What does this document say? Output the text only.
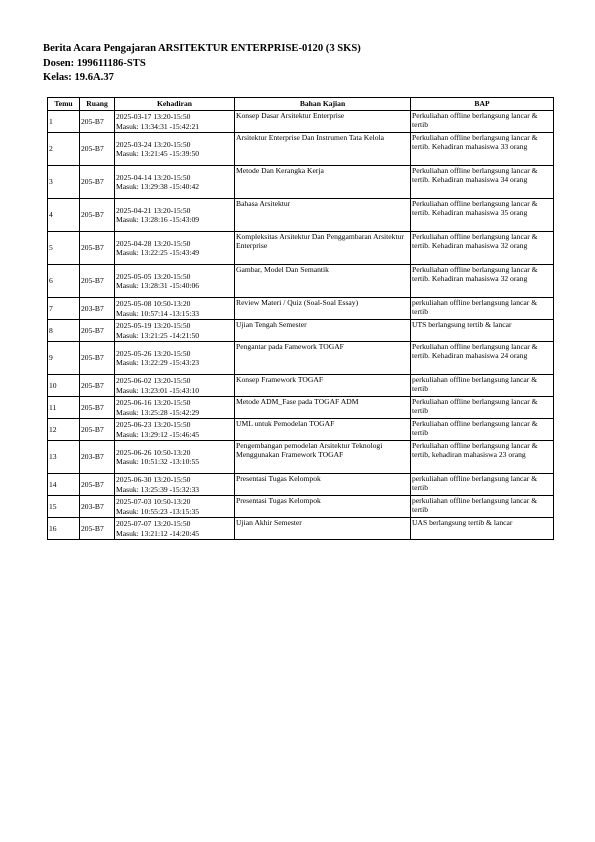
Berita Acara Pengajaran ARSITEKTUR ENTERPRISE-0120 (3 SKS)
Dosen: 199611186-STS
Kelas: 19.6A.37
Temu	Ruang	Kehadiran	Bahan Kajian	BAP
1	205-B7	2025-03-17 13:20-15:50
Masuk: 13:34:31 -15:42:21	Konsep Dasar Arsitektur Enterprise	Perkuliahan offline berlangsung lancar & tertib
2	205-B7	2025-03-24 13:20-15:50
Masuk: 13:21:45 -15:39:50	Arsitektur Enterprise Dan Instrumen Tata Kelola	Perkuliahan offline berlangsung lancar & tertib. Kehadiran mahasiswa 33 orang
3	205-B7	2025-04-14 13:20-15:50
Masuk: 13:29:38 -15:40:42	Metode Dan Kerangka Kerja	Perkuliahan offline berlangsung lancar & tertib. Kehadiran mahasiswa 34 orang
4	205-B7	2025-04-21 13:20-15:50
Masuk: 13:28:16 -15:43:09	Bahasa Arsitektur	Perkuliahan offline berlangsung lancar & tertib. Kehadiran mahasiswa 35 orang
5	205-B7	2025-04-28 13:20-15:50
Masuk: 13:22:25 -15:43:49	Kompleksitas Arsitektur Dan Penggambaran Arsitektur Enterprise	Perkuliahan offline berlangsung lancar & tertib. Kehadiran mahasiswa 32 orang
6	205-B7	2025-05-05 13:20-15:50
Masuk: 13:28:31 -15:40:06	Gambar, Model Dan Semantik	Perkuliahan offline berlangsung lancar & tertib. Kehadiran mahasiswa 32 orang
7	203-B7	2025-05-08 10:50-13:20
Masuk: 10:57:14 -13:15:33	Review Materi / Quiz (Soal-Soal Essay)	perkuliahan offline berlangsung lancar & tertib
8	205-B7	2025-05-19 13:20-15:50
Masuk: 13:21:25 -14:21:50	Ujian Tengah Semester	UTS berlangsung tertib & lancar
9	205-B7	2025-05-26 13:20-15:50
Masuk: 13:22:29 -15:43:23	Pengantar pada Famework TOGAF	Perkuliahan offline berlangsung lancar & tertib. Kehadiran mahasiswa 24 orang
10	205-B7	2025-06-02 13:20-15:50
Masuk: 13:23:01 -15:43:10	Konsep Framework TOGAF	perkuliahan offline berlangsung lancar & tertib
11	205-B7	2025-06-16 13:20-15:50
Masuk: 13:25:28 -15:42:29	Metode ADM_Fase pada TOGAF ADM	Perkuliahan offline berlangsung lancar & tertib
12	205-B7	2025-06-23 13:20-15:50
Masuk: 13:29:12 -15:46:45	UML untuk Pemodelan TOGAF	Perkuliahan offline berlangsung lancar & tertib
13	203-B7	2025-06-26 10:50-13:20
Masuk: 10:51:32 -13:10:55	Pengembangan pemodelan Arsitektur Teknologi Menggunakan Framework TOGAF	Perkuliahan offline berlangsung lancar & tertib, kehadiran mahasiswa 23 orang
14	205-B7	2025-06-30 13:20-15:50
Masuk: 13:25:39 -15:32:33	Presentasi Tugas Kelompok	perkuliahan offline berlangsung lancar & tertib
15	203-B7	2025-07-03 10:50-13:20
Masuk: 10:55:23 -13:15:35	Presentasi Tugas Kelompok	perkuliahan offline berlangsung lancar & tertib
16	205-B7	2025-07-07 13:20-15:50
Masuk: 13:21:12 -14:20:45	Ujian Akhir Semester	UAS berlangsung tertib & lancar
